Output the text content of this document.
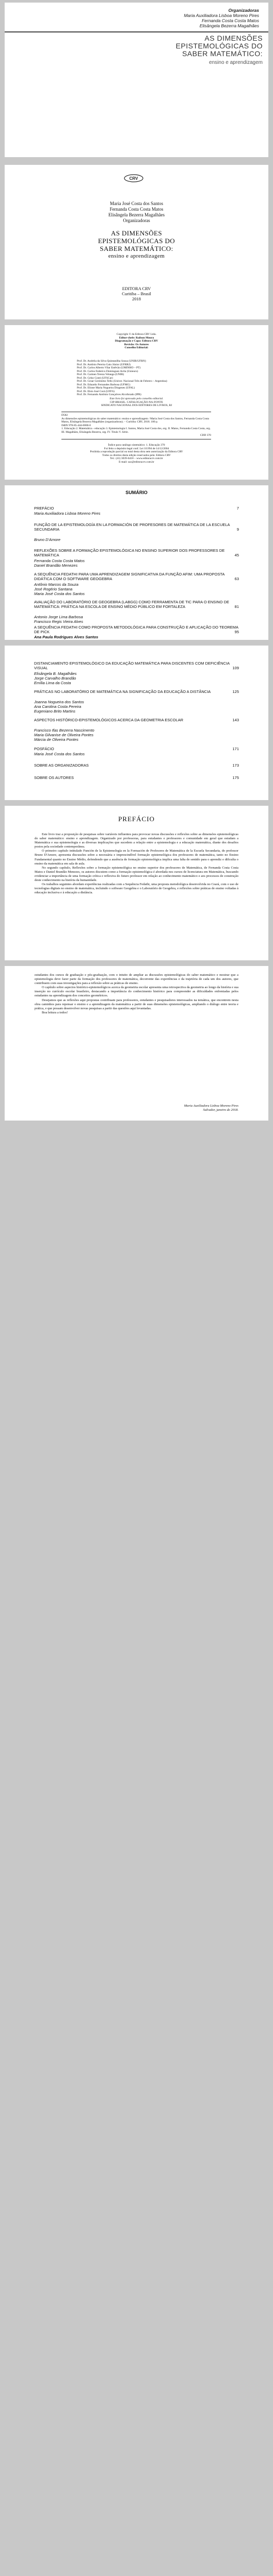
Organizadoras
Maria Auxiliadora Lisboa Moreno Pires
Fernanda Costa Costa Matos
Elisângela Bezerra Magalhães
AS DIMENSÕES
EPISTEMOLÓGICAS DO
SABER MATEMÁTICO:
ensino e aprendizagem
CRV
Maria José Costa dos Santos
Fernanda Costa Costa Matos
Elisângela Bezerra Magalhães
Organizadoras
AS DIMENSÕES
EPISTEMOLÓGICAS DO
SABER MATEMÁTICO:
ensino e aprendizagem
EDITORA CRV
Curitiba – Brasil
2018
Copyright © da Editora CRV Ltda.
Editor-chefe: Railson Moura
Diagramação e Capa: Editora CRV
Revisão: Os Autores
Conselho Editorial:
Prof. Dr. Andréia da Silva Quintanilha Sousa (UNIR/UFRN)
Prof. Dr. Antônio Pereira Gaio Júnior (UFRRJ)
Prof. Dr. Carlos Alberto Vilar Estêvão (UMINHO – PT)
Prof. Dr. Carlos Federico Dominguez Avila (Unieuro)
Prof. Dr. Carmen Tereza Velanga (UNIR)
Prof. Dr. Celso Conti (UFSCar)
Prof. Dr. Cesar Gerónimo Tello (Univer. Nacional Três de Febrero – Argentina)
Prof. Dr. Eduardo Fernandes Barbosa (UFMG)
Prof. Dr. Elione Maria Nogueira Diogenes (UFAL)
Prof. Dr. Élsio José Corá (UFFS)
Prof. Dr. Fernando Antônio Gonçalves Alcoforado (IPB)
Este livro foi aprovado pelo conselho editorial.
CIP-BRASIL. CATALOGAÇÃO-NA-FONTE
SINDICATO NACIONAL DOS EDITORES DE LIVROS, RJ
D582
As dimensões epistemológicas do saber matemático: ensino e aprendizagem / Maria José Costa dos Santos, Fernanda Costa Costa Matos, Elisângela Bezerra Magalhães (organizadoras). – Curitiba: CRV, 2018. 180 p.
ISBN 978-85-444-0000-0
1. Educação 2. Matemática - educação 3. Epistemologia I. Santos, Maria José Costa dos, org. II. Matos, Fernanda Costa Costa, org. III. Magalhães, Elisângela Bezerra, org. IV. Título V. Série.
CDD 370
Índice para catálogo sistemático: 1. Educação 370
Foi feito o depósito legal conf. Lei 10.994 de 14/12/2004
Proibida a reprodução parcial ou total desta obra sem autorização da Editora CRV
Todos os direitos desta edição reservados pela: Editora CRV
Tel.: (41) 3039-6418 – www.editoracrv.com.br
E-mail: sac@editoracrv.com.br
SUMÁRIO
PREFÁCIO	7
Maria Auxiliadora Lisboa Moreno Pires
FUNÇÃO DE LA EPISTEMOLOGÍA EN LA FORMACIÓN DE PROFESORES DE MATEMÁTICA DE LA ESCUELA SECUNDARIA	9
Bruno D'Amore
REFLEXÕES SOBRE A FORMAÇÃO EPISTEMOLÓGICA NO ENSINO SUPERIOR DOS PROFESSORES DE MATEMÁTICA	45
Fernanda Costa Costa Matos
Daniel Brandão Menezes
A SEQUÊNCIA FEDATHI PARA UMA APRENDIZAGEM SIGNIFICATIVA DA FUNÇÃO AFIM: UMA PROPOSTA DIDÁTICA COM O SOFTWARE GEOGEBRA	63
Antônio Marcos da Souza
José Rogério Santana
Maria José Costa dos Santos
AVALIAÇÃO DO LABORATÓRIO DE GEOGEBRA (LABGG) COMO FERRAMENTA DE TIC PARA O ENSINO DE MATEMÁTICA: PRÁTICA NA ESCOLA DE ENSINO MÉDIO PÚBLICO EM FORTALEZA	81
Antonio Jorge Lima Barbosa
Francisco Regis Vieira Alves
A SEQUÊNCIA FEDATHI COMO PROPOSTA METODOLÓGICA PARA CONSTRUÇÃO E APLICAÇÃO DO TEOREMA DE PICK	95
Ana Paula Rodrigues Alves Santos
DISTANCIAMENTO EPISTEMOLÓGICO DA EDUCAÇÃO MATEMÁTICA PARA DISCENTES COM DEFICIÊNCIA VISUAL	109
Elisângela B. Magalhães
Jorge Carvalho Brandão
Emília Lima da Costa
PRÁTICAS NO LABORATÓRIO DE MATEMÁTICA NA SIGNIFICAÇÃO DA EDUCAÇÃO A DISTÂNCIA	125
Joanna Nogueira dos Santos
Ana Carolina Costa Pereira
Eugeniano Brito Martins
ASPECTOS HISTÓRICO-EPISTEMOLÓGICOS ACERCA DA GEOMETRIA ESCOLAR	143
Francisco Ifas Bezerra Nascimento
Maria Gilvanise de Oliveira Pontes
Márcia de Oliveira Pontes
POSFÁCIO	171
Maria José Costa dos Santos
SOBRE AS ORGANIZADORAS	173
SOBRE OS AUTORES	175
PREFÁCIO

Este livro traz a proposição de pesquisas sobre variáveis influentes para provocar novas discussões e reflexões sobre as dimensões epistemológicas do saber matemático: ensino e aprendizagem. Organizado por professoras, para estudantes e professores e comunidade em geral que estudam a Matemática e sua epistemologia e as diversas implicações que sucedem a relação entre a epistemologia e a educação matemática, diante dos desafios postos pela sociedade contemporânea.

O primeiro capítulo intitulado Función de la Epistemología en la Formación de Profesores de Matemática de la Escuela Secundaria, do professor Bruno D'Amore, apresenta discussões sobre a necessária e imprescindível formação epistemológica dos professores de matemática, tanto no Ensino Fundamental quanto no Ensino Médio, defendendo que a ausência de formação epistemológica implica uma falta de sentido para o aprendiz e dificulta o ensino da matemática em sala de aula.

No segundo capítulo, Reflexões sobre a formação epistemológica no ensino superior dos professores de Matemática, de Fernanda Costa Costa Matos e Daniel Brandão Menezes, os autores discutem como a formação epistemológica é abordada nos cursos de licenciatura em Matemática, buscando evidenciar a importância de uma formação crítica e reflexiva do futuro professor em relação ao conhecimento matemático e aos processos de construção deste conhecimento na história da humanidade.

Os trabalhos seguintes abordam experiências realizadas com a Sequência Fedathi, uma proposta metodológica desenvolvida no Ceará, com o uso de tecnologias digitais no ensino de matemática, incluindo o software Geogebra e o Laboratório de Geogebra, e reflexões sobre práticas de ensino voltadas à educação inclusiva e à educação a distância.

estudantes dos cursos de graduação e pós-graduação, com o intuito de ampliar as discussões epistemológicas do saber matemático e mostrar que a epistemologia deve fazer parte da formação dos professores de matemática, decorrente das experiências e da trajetória de cada um dos autores, que contribuem com suas investigações para a reflexão sobre as práticas de ensino.

O capítulo sobre aspectos histórico-epistemológicos acerca da geometria escolar apresenta uma retrospectiva da geometria ao longo da história e sua inserção no currículo escolar brasileiro, destacando a importância do conhecimento histórico para compreender as dificuldades enfrentadas pelos estudantes na aprendizagem dos conceitos geométricos.

Desejamos que as reflexões aqui propostas contribuam para professores, estudantes e pesquisadores interessados na temática, que encontrem nesta obra caminhos para repensar o ensino e a aprendizagem da matemática a partir de suas dimensões epistemológicas, ampliando o diálogo entre teoria e prática, e que possam desenvolver novas pesquisas a partir das questões aqui levantadas.

Boa leitura a todos!

Maria Auxiliadora Lisboa Moreno Pires
Salvador, janeiro de 2018.
